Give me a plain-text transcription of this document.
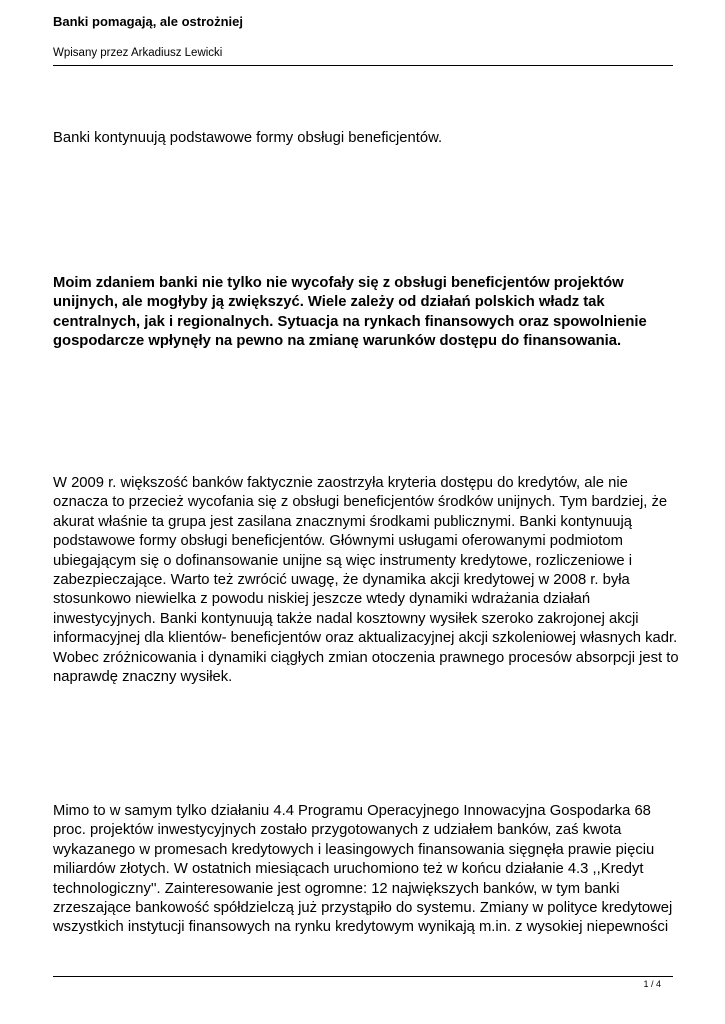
Banki pomagają, ale ostrożniej
Wpisany przez Arkadiusz Lewicki

Banki kontynuują podstawowe formy obsługi beneficjentów.

Moim zdaniem banki nie tylko nie wycofały się z obsługi beneficjentów projektów
unijnych, ale mogłyby ją zwiększyć. Wiele zależy od działań polskich władz tak
centralnych, jak i regionalnych. Sytuacja na rynkach finansowych oraz spowolnienie
gospodarcze wpłynęły na pewno na zmianę warunków dostępu do finansowania.

W 2009 r. większość banków faktycznie zaostrzyła kryteria dostępu do kredytów, ale nie
oznacza to przecież wycofania się z obsługi beneficjentów środków unijnych. Tym bardziej, że
akurat właśnie ta grupa jest zasilana znacznymi środkami publicznymi. Banki kontynuują
podstawowe formy obsługi beneficjentów. Głównymi usługami oferowanymi podmiotom
ubiegającym się o dofinansowanie unijne są więc instrumenty kredytowe, rozliczeniowe i
zabezpieczające. Warto też zwrócić uwagę, że dynamika akcji kredytowej w 2008 r. była
stosunkowo niewielka z powodu niskiej jeszcze wtedy dynamiki wdrażania działań
inwestycyjnych. Banki kontynuują także nadal kosztowny wysiłek szeroko zakrojonej akcji
informacyjnej dla klientów- beneficjentów oraz aktualizacyjnej akcji szkoleniowej własnych kadr.
Wobec zróżnicowania i dynamiki ciągłych zmian otoczenia prawnego procesów absorpcji jest to
naprawdę znaczny wysiłek.

Mimo to w samym tylko działaniu 4.4 Programu Operacyjnego Innowacyjna Gospodarka 68
proc. projektów inwestycyjnych zostało przygotowanych z udziałem banków, zaś kwota
wykazanego w promesach kredytowych i leasingowych finansowania sięgnęła prawie pięciu
miliardów złotych. W ostatnich miesiącach uruchomiono też w końcu działanie 4.3 ,,Kredyt
technologiczny''. Zainteresowanie jest ogromne: 12 największych banków, w tym banki
zrzeszające bankowość spółdzielczą już przystąpiło do systemu. Zmiany w polityce kredytowej
wszystkich instytucji finansowych na rynku kredytowym wynikają m.in. z wysokiej niepewności

1 / 4
